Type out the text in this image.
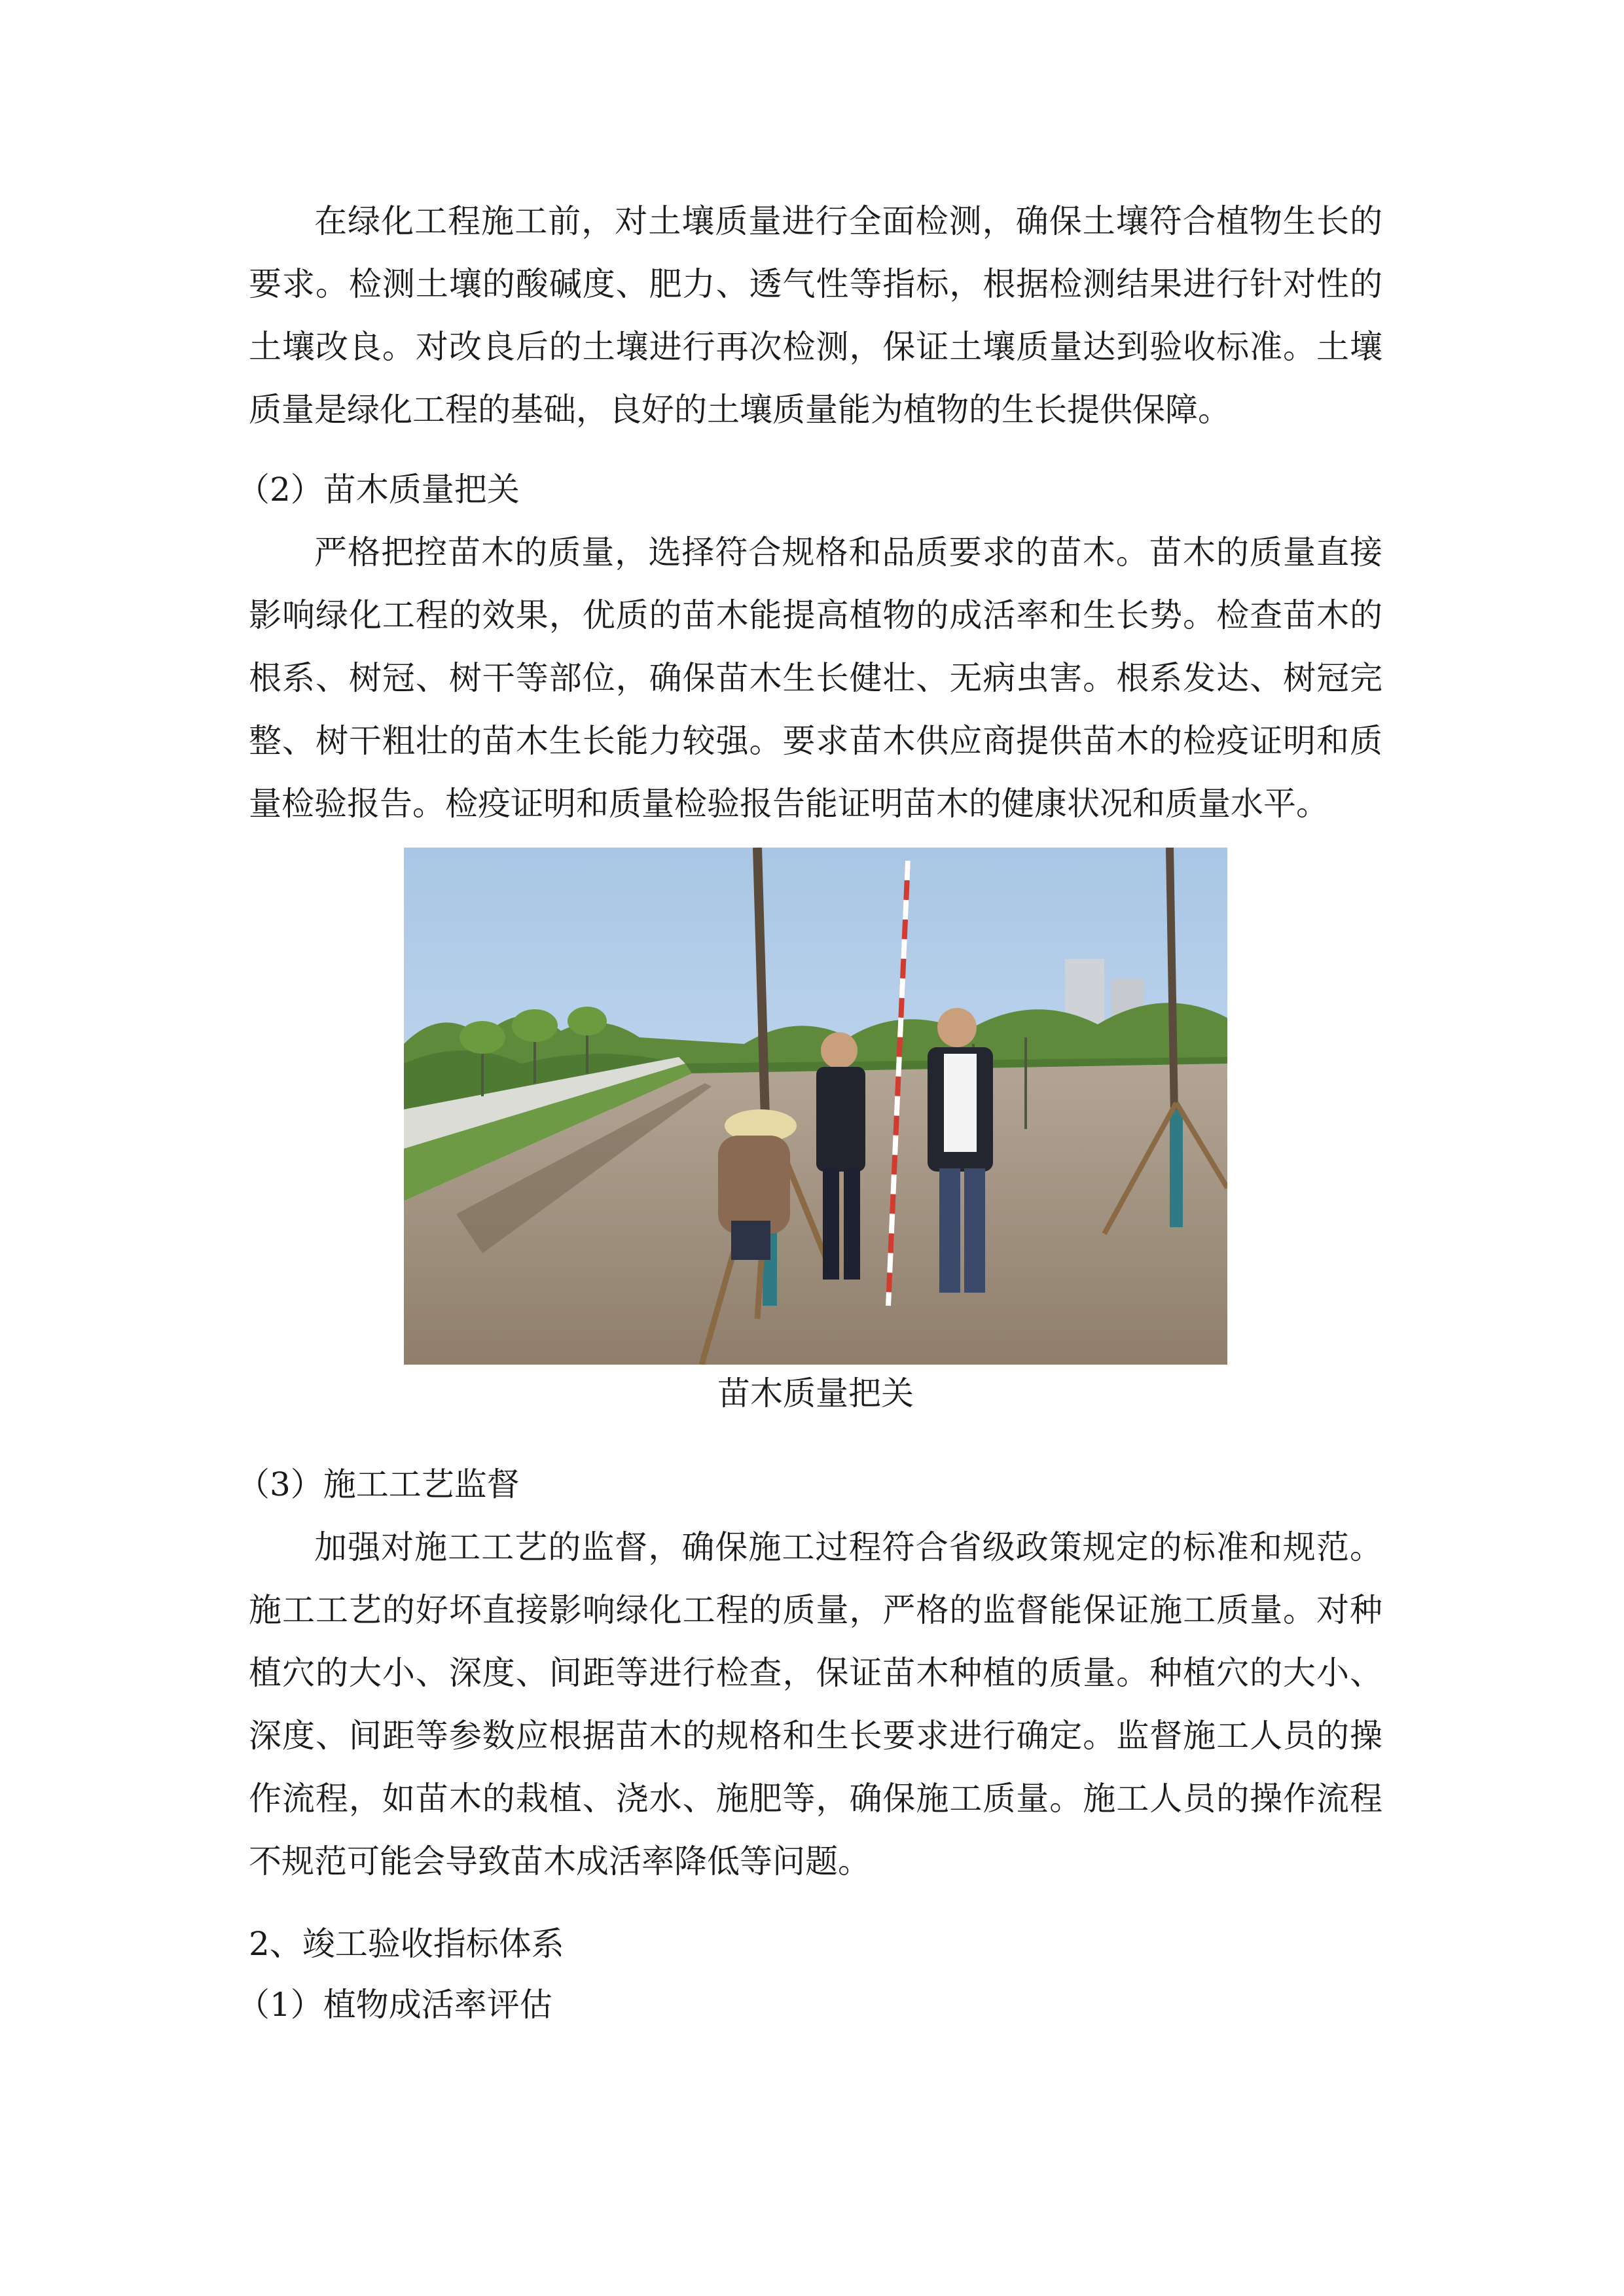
在绿化工程施工前，对土壤质量进行全面检测，确保土壤符合植物生长的要求。检测土壤的酸碱度、肥力、透气性等指标，根据检测结果进行针对性的土壤改良。对改良后的土壤进行再次检测，保证土壤质量达到验收标准。土壤质量是绿化工程的基础，良好的土壤质量能为植物的生长提供保障。

（2）苗木质量把关

严格把控苗木的质量，选择符合规格和品质要求的苗木。苗木的质量直接影响绿化工程的效果，优质的苗木能提高植物的成活率和生长势。检查苗木的根系、树冠、树干等部位，确保苗木生长健壮、无病虫害。根系发达、树冠完整、树干粗壮的苗木生长能力较强。要求苗木供应商提供苗木的检疫证明和质量检验报告。检疫证明和质量检验报告能证明苗木的健康状况和质量水平。

苗木质量把关

（3）施工工艺监督

加强对施工工艺的监督，确保施工过程符合省级政策规定的标准和规范。施工工艺的好坏直接影响绿化工程的质量，严格的监督能保证施工质量。对种植穴的大小、深度、间距等进行检查，保证苗木种植的质量。种植穴的大小、深度、间距等参数应根据苗木的规格和生长要求进行确定。监督施工人员的操作流程，如苗木的栽植、浇水、施肥等，确保施工质量。施工人员的操作流程不规范可能会导致苗木成活率降低等问题。

2、竣工验收指标体系

（1）植物成活率评估
